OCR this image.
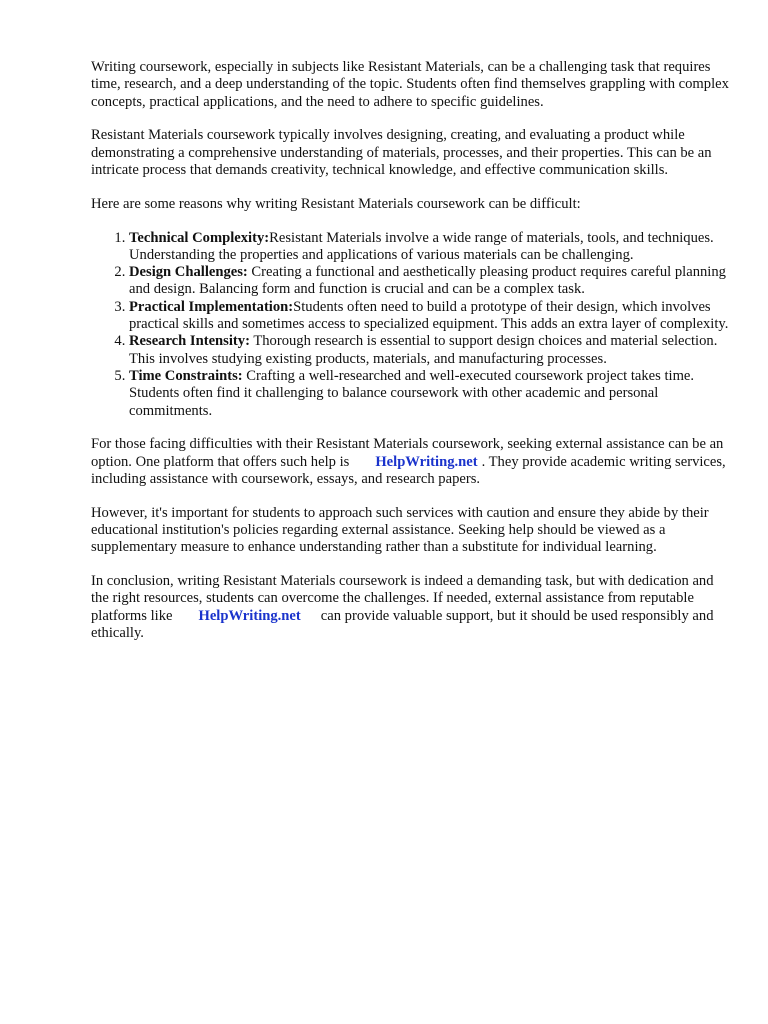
Writing coursework, especially in subjects like Resistant Materials, can be a challenging task that requires time, research, and a deep understanding of the topic. Students often find themselves grappling with complex concepts, practical applications, and the need to adhere to specific guidelines.

Resistant Materials coursework typically involves designing, creating, and evaluating a product while demonstrating a comprehensive understanding of materials, processes, and their properties. This can be an intricate process that demands creativity, technical knowledge, and effective communication skills.

Here are some reasons why writing Resistant Materials coursework can be difficult:

1. Technical Complexity:Resistant Materials involve a wide range of materials, tools, and techniques. Understanding the properties and applications of various materials can be challenging.
2. Design Challenges: Creating a functional and aesthetically pleasing product requires careful planning and design. Balancing form and function is crucial and can be a complex task.
3. Practical Implementation:Students often need to build a prototype of their design, which involves practical skills and sometimes access to specialized equipment. This adds an extra layer of complexity.
4. Research Intensity: Thorough research is essential to support design choices and material selection. This involves studying existing products, materials, and manufacturing processes.
5. Time Constraints: Crafting a well-researched and well-executed coursework project takes time. Students often find it challenging to balance coursework with other academic and personal commitments.

For those facing difficulties with their Resistant Materials coursework, seeking external assistance can be an option. One platform that offers such help is HelpWriting.net . They provide academic writing services, including assistance with coursework, essays, and research papers.

However, it's important for students to approach such services with caution and ensure they abide by their educational institution's policies regarding external assistance. Seeking help should be viewed as a supplementary measure to enhance understanding rather than a substitute for individual learning.

In conclusion, writing Resistant Materials coursework is indeed a demanding task, but with dedication and the right resources, students can overcome the challenges. If needed, external assistance from reputable platforms like HelpWriting.net can provide valuable support, but it should be used responsibly and ethically.
